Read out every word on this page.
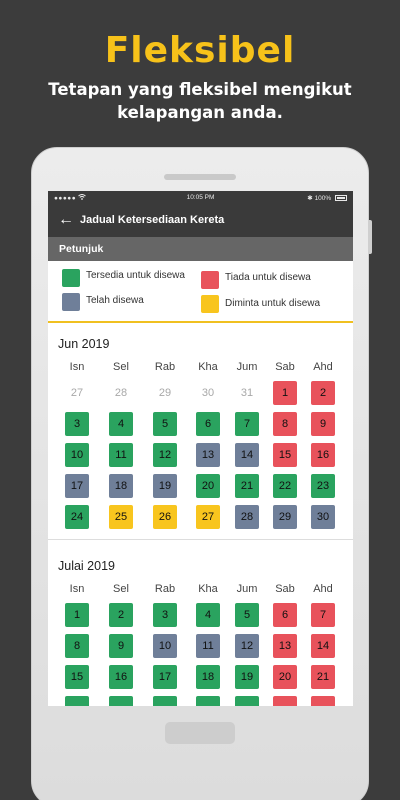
Fleksibel
Tetapan yang fleksibel mengikut kelapangan anda.
●●●●●	10:05 PM	✱ 100%
← Jadual Ketersediaan Kereta
Petunjuk
Tersedia untuk disewa	Tiada untuk disewa
Telah disewa	Diminta untuk disewa
Jun 2019
Isn	Sel	Rab	Kha	Jum	Sab	Ahd
27	28	29	30	31	1	2
3	4	5	6	7	8	9
10	11	12	13	14	15	16
17	18	19	20	21	22	23
24	25	26	27	28	29	30
Julai 2019
Isn	Sel	Rab	Kha	Jum	Sab	Ahd
1	2	3	4	5	6	7
8	9	10	11	12	13	14
15	16	17	18	19	20	21
